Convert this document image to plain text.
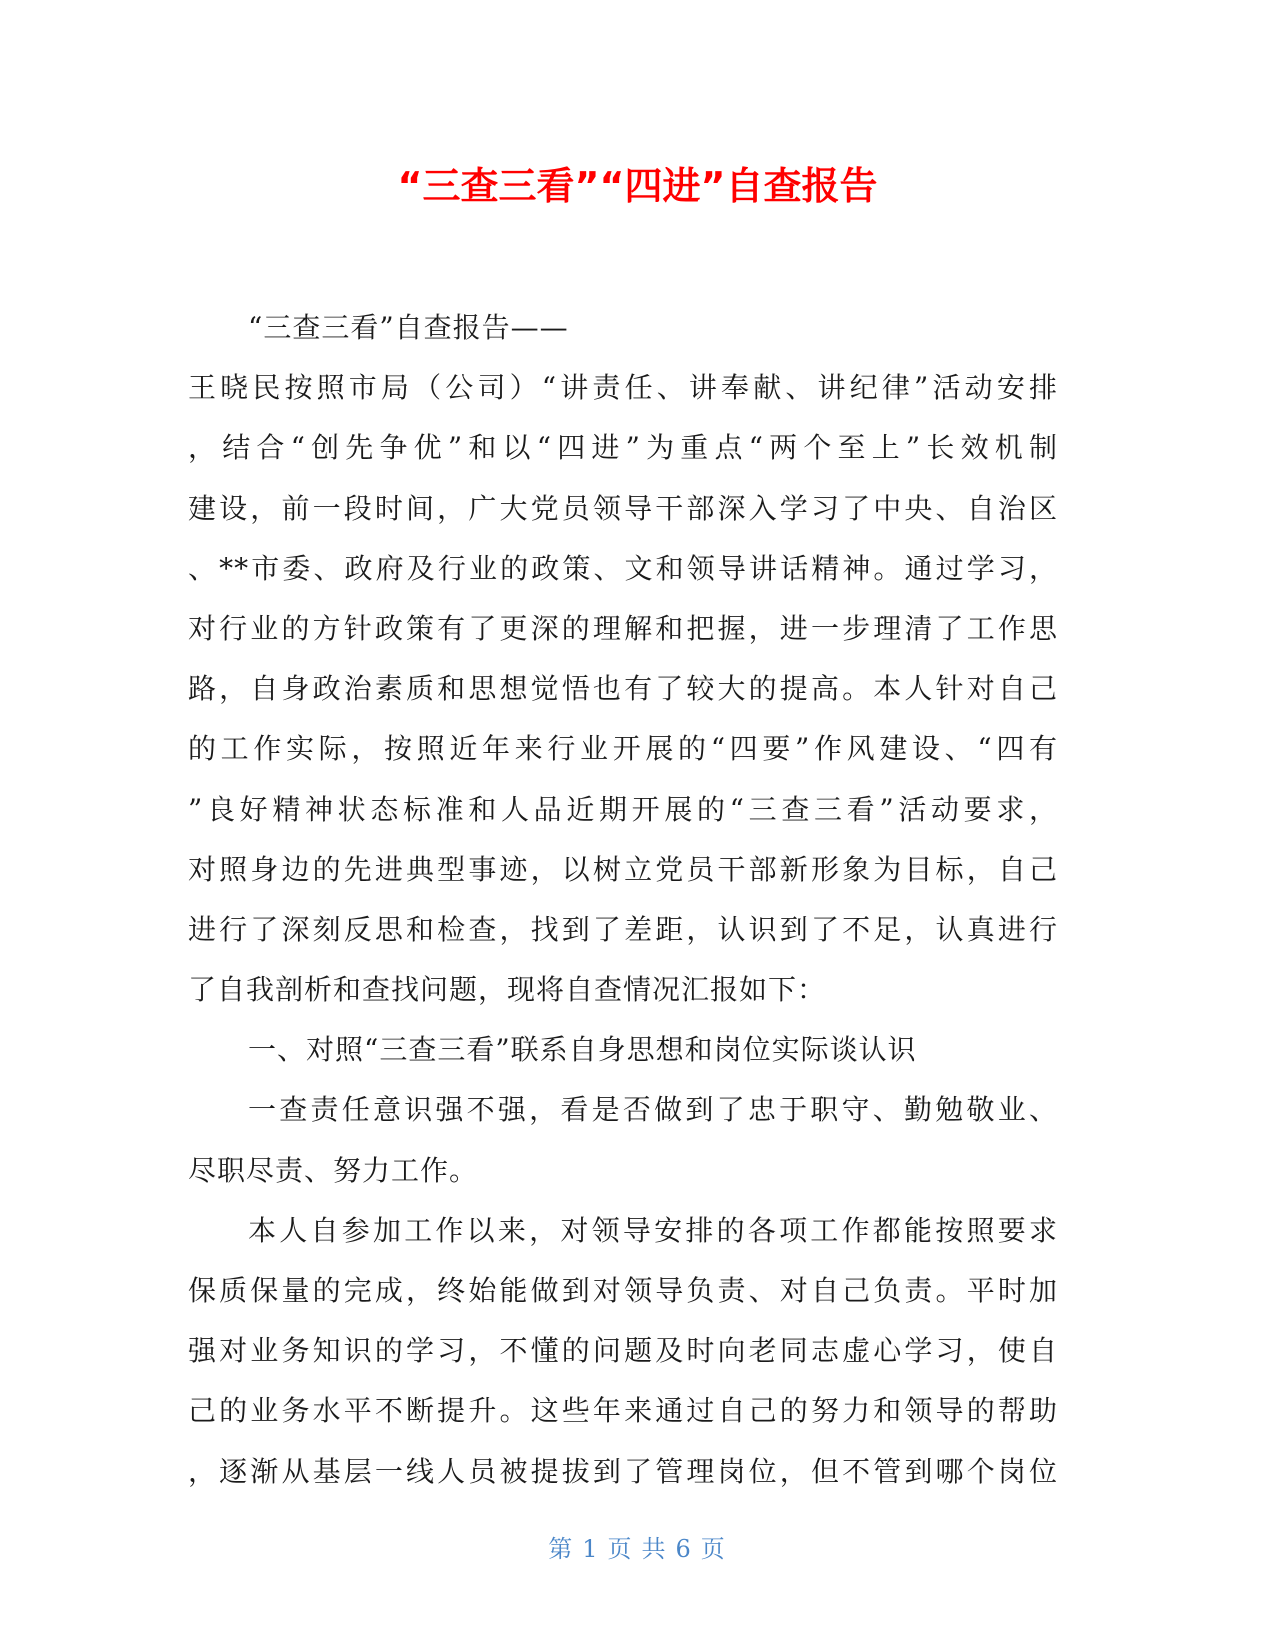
“三查三看”“四进”自查报告
“三查三看”自查报告——
王晓民按照市局（公司）“讲责任、讲奉献、讲纪律”活动安排
，结合“创先争优”和以“四进”为重点“两个至上”长效机制
建设，前一段时间，广大党员领导干部深入学习了中央、自治区
、**市委、政府及行业的政策、文和领导讲话精神。通过学习，
对行业的方针政策有了更深的理解和把握，进一步理清了工作思
路，自身政治素质和思想觉悟也有了较大的提高。本人针对自己
的工作实际，按照近年来行业开展的“四要”作风建设、“四有
”良好精神状态标准和人品近期开展的“三查三看”活动要求，
对照身边的先进典型事迹，以树立党员干部新形象为目标，自己
进行了深刻反思和检查，找到了差距，认识到了不足，认真进行
了自我剖析和查找问题，现将自查情况汇报如下：
一、对照“三查三看”联系自身思想和岗位实际谈认识
一查责任意识强不强，看是否做到了忠于职守、勤勉敬业、
尽职尽责、努力工作。
本人自参加工作以来，对领导安排的各项工作都能按照要求
保质保量的完成，终始能做到对领导负责、对自己负责。平时加
强对业务知识的学习，不懂的问题及时向老同志虚心学习，使自
己的业务水平不断提升。这些年来通过自己的努力和领导的帮助
，逐渐从基层一线人员被提拔到了管理岗位，但不管到哪个岗位
第 1 页 共 6 页
